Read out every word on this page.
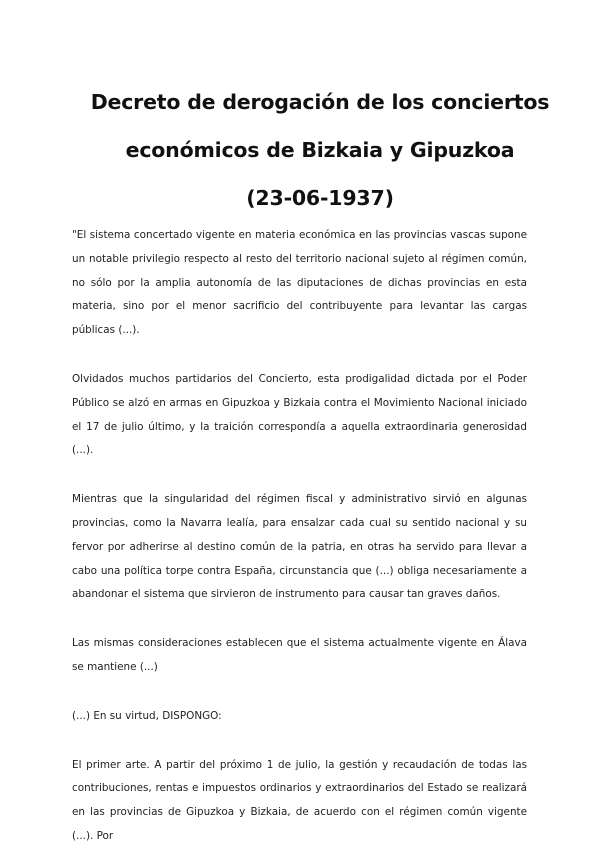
Decreto de derogación de los conciertos
económicos de Bizkaia y Gipuzkoa
(23-06-1937)

"El sistema concertado vigente en materia económica en las provincias vascas supone un notable privilegio respecto al resto del territorio nacional sujeto al régimen común, no sólo por la amplia autonomía de las diputaciones de dichas provincias en esta materia, sino por el menor sacrificio del contribuyente para levantar las cargas públicas (...).

Olvidados muchos partidarios del Concierto, esta prodigalidad dictada por el Poder Público se alzó en armas en Gipuzkoa y Bizkaia contra el Movimiento Nacional iniciado el 17 de julio último, y la traición correspondía a aquella extraordinaria generosidad (...).

Mientras que la singularidad del régimen fiscal y administrativo sirvió en algunas provincias, como la Navarra lealía, para ensalzar cada cual su sentido nacional y su fervor por adherirse al destino común de la patria, en otras ha servido para llevar a cabo una política torpe contra España, circunstancia que (...) obliga necesariamente a abandonar el sistema que sirvieron de instrumento para causar tan graves daños.

Las mismas consideraciones establecen que el sistema actualmente vigente en Álava se mantiene (...)

(...) En su virtud, DISPONGO:

El primer arte. A partir del próximo 1 de julio, la gestión y recaudación de todas las contribuciones, rentas e impuestos ordinarios y extraordinarios del Estado se realizará en las provincias de Gipuzkoa y Bizkaia, de acuerdo con el régimen común vigente (...). Por
